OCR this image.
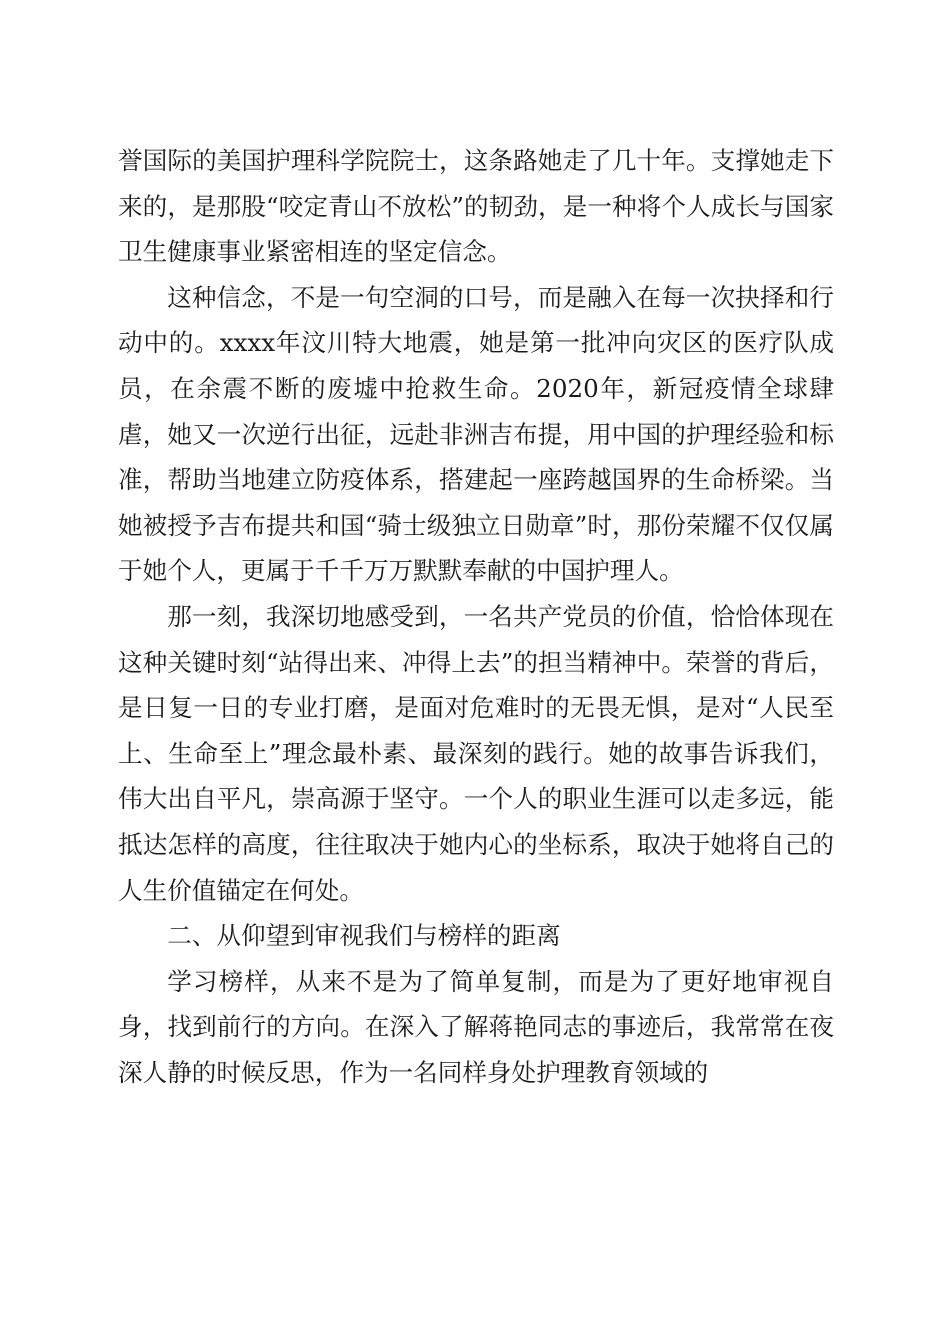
誉国际的美国护理科学院院士，这条路她走了几十年。支撑她走下来的，是那股“咬定青山不放松”的韧劲，是一种将个人成长与国家卫生健康事业紧密相连的坚定信念。

这种信念，不是一句空洞的口号，而是融入在每一次抉择和行动中的。xxxx年汶川特大地震，她是第一批冲向灾区的医疗队成员，在余震不断的废墟中抢救生命。2020年，新冠疫情全球肆虐，她又一次逆行出征，远赴非洲吉布提，用中国的护理经验和标准，帮助当地建立防疫体系，搭建起一座跨越国界的生命桥梁。当她被授予吉布提共和国“骑士级独立日勋章”时，那份荣耀不仅仅属于她个人，更属于千千万万默默奉献的中国护理人。

那一刻，我深切地感受到，一名共产党员的价值，恰恰体现在这种关键时刻“站得出来、冲得上去”的担当精神中。荣誉的背后，是日复一日的专业打磨，是面对危难时的无畏无惧，是对“人民至上、生命至上”理念最朴素、最深刻的践行。她的故事告诉我们，伟大出自平凡，崇高源于坚守。一个人的职业生涯可以走多远，能抵达怎样的高度，往往取决于她内心的坐标系，取决于她将自己的人生价值锚定在何处。

二、从仰望到审视我们与榜样的距离

学习榜样，从来不是为了简单复制，而是为了更好地审视自身，找到前行的方向。在深入了解蒋艳同志的事迹后，我常常在夜深人静的时候反思，作为一名同样身处护理教育领域的
